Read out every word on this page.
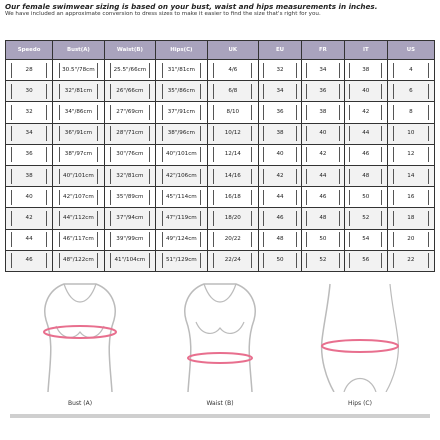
Our female swimwear sizing is based on your bust, waist and hips measurements in inches.
We have included an approximate conversion to dress sizes to make it easier to find the size that's right for you.
Speedo	Bust(A)	Waist(B)	Hips(C)	UK	EU	FR	IT	US
28	30.5"/78cm	25.5"/66cm	31"/81cm	4/6	32	34	38	4
30	32"/81cm	26"/66cm	35"/86cm	6/8	34	36	40	6
32	34"/86cm	27"/69cm	37"/91cm	8/10	36	38	42	8
34	36"/91cm	28"/71cm	38"/96cm	10/12	38	40	44	10
36	38"/97cm	30"/76cm	40"/101cm	12/14	40	42	46	12
38	40"/101cm	32"/81cm	42"/106cm	14/16	42	44	48	14
40	42"/107cm	35"/89cm	45"/114cm	16/18	44	46	50	16
42	44"/112cm	37"/94cm	47"/119cm	18/20	46	48	52	18
44	46"/117cm	39"/99cm	49"/124cm	20/22	48	50	54	20
46	48"/122cm	41"/104cm	51"/129cm	22/24	50	52	56	22
Bust (A)	Waist (B)	Hips (C)
